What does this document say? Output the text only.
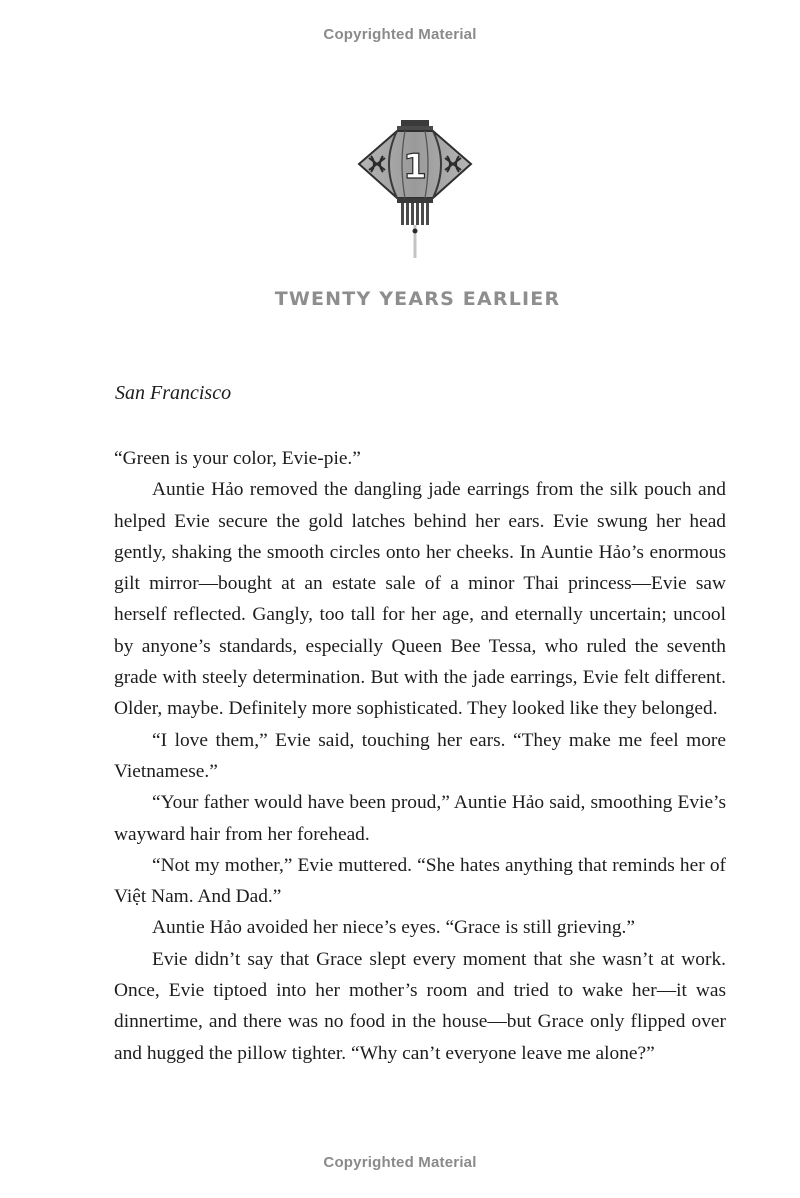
Copyrighted Material
1
TWENTY YEARS EARLIER
San Francisco

“Green is your color, Evie-pie.”

Auntie Hảo removed the dangling jade earrings from the silk pouch and helped Evie secure the gold latches behind her ears. Evie swung her head gently, shaking the smooth circles onto her cheeks. In Auntie Hảo’s enormous gilt mirror—bought at an estate sale of a minor Thai princess—Evie saw herself reflected. Gangly, too tall for her age, and eternally uncertain; uncool by anyone’s standards, especially Queen Bee Tessa, who ruled the seventh grade with steely determination. But with the jade earrings, Evie felt different. Older, maybe. Definitely more sophisticated. They looked like they belonged.

“I love them,” Evie said, touching her ears. “They make me feel more Vietnamese.”

“Your father would have been proud,” Auntie Hảo said, smoothing Evie’s wayward hair from her forehead.

“Not my mother,” Evie muttered. “She hates anything that reminds her of Việt Nam. And Dad.”

Auntie Hảo avoided her niece’s eyes. “Grace is still grieving.”

Evie didn’t say that Grace slept every moment that she wasn’t at work. Once, Evie tiptoed into her mother’s room and tried to wake her—it was dinnertime, and there was no food in the house—but Grace only flipped over and hugged the pillow tighter. “Why can’t everyone leave me alone?”

Copyrighted Material
